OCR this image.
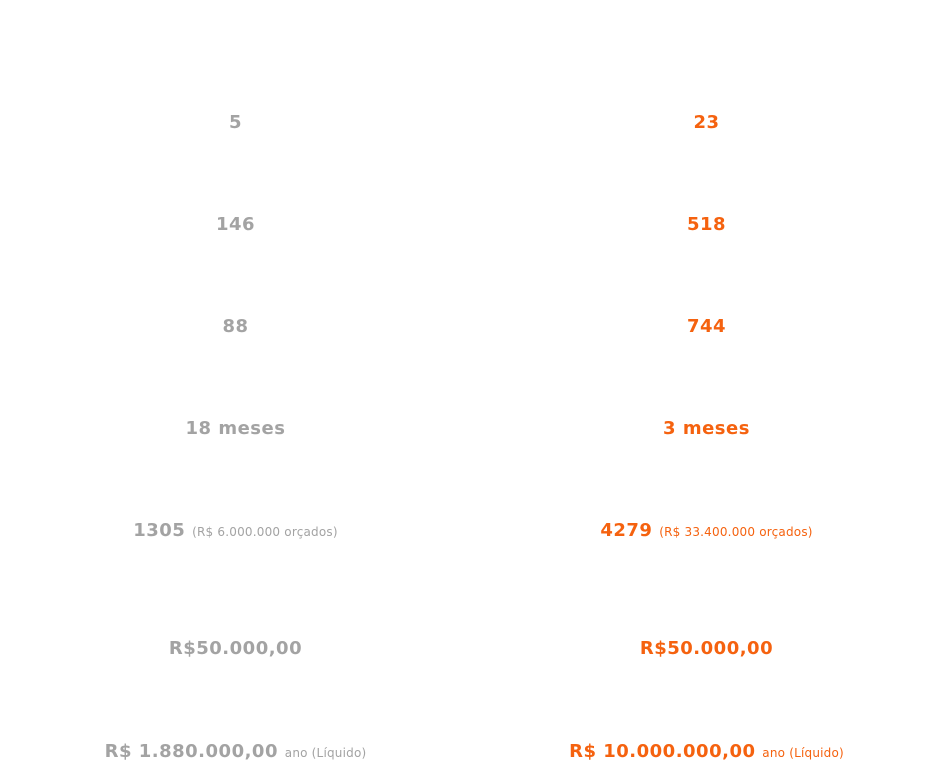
5
146
88
18 meses
1305 (R$ 6.000.000 orçados)
R$50.000,00
R$ 1.880.000,00 ano (Líquido)
23
518
744
3 meses
4279 (R$ 33.400.000 orçados)
R$50.000,00
R$ 10.000.000,00 ano (Líquido)
